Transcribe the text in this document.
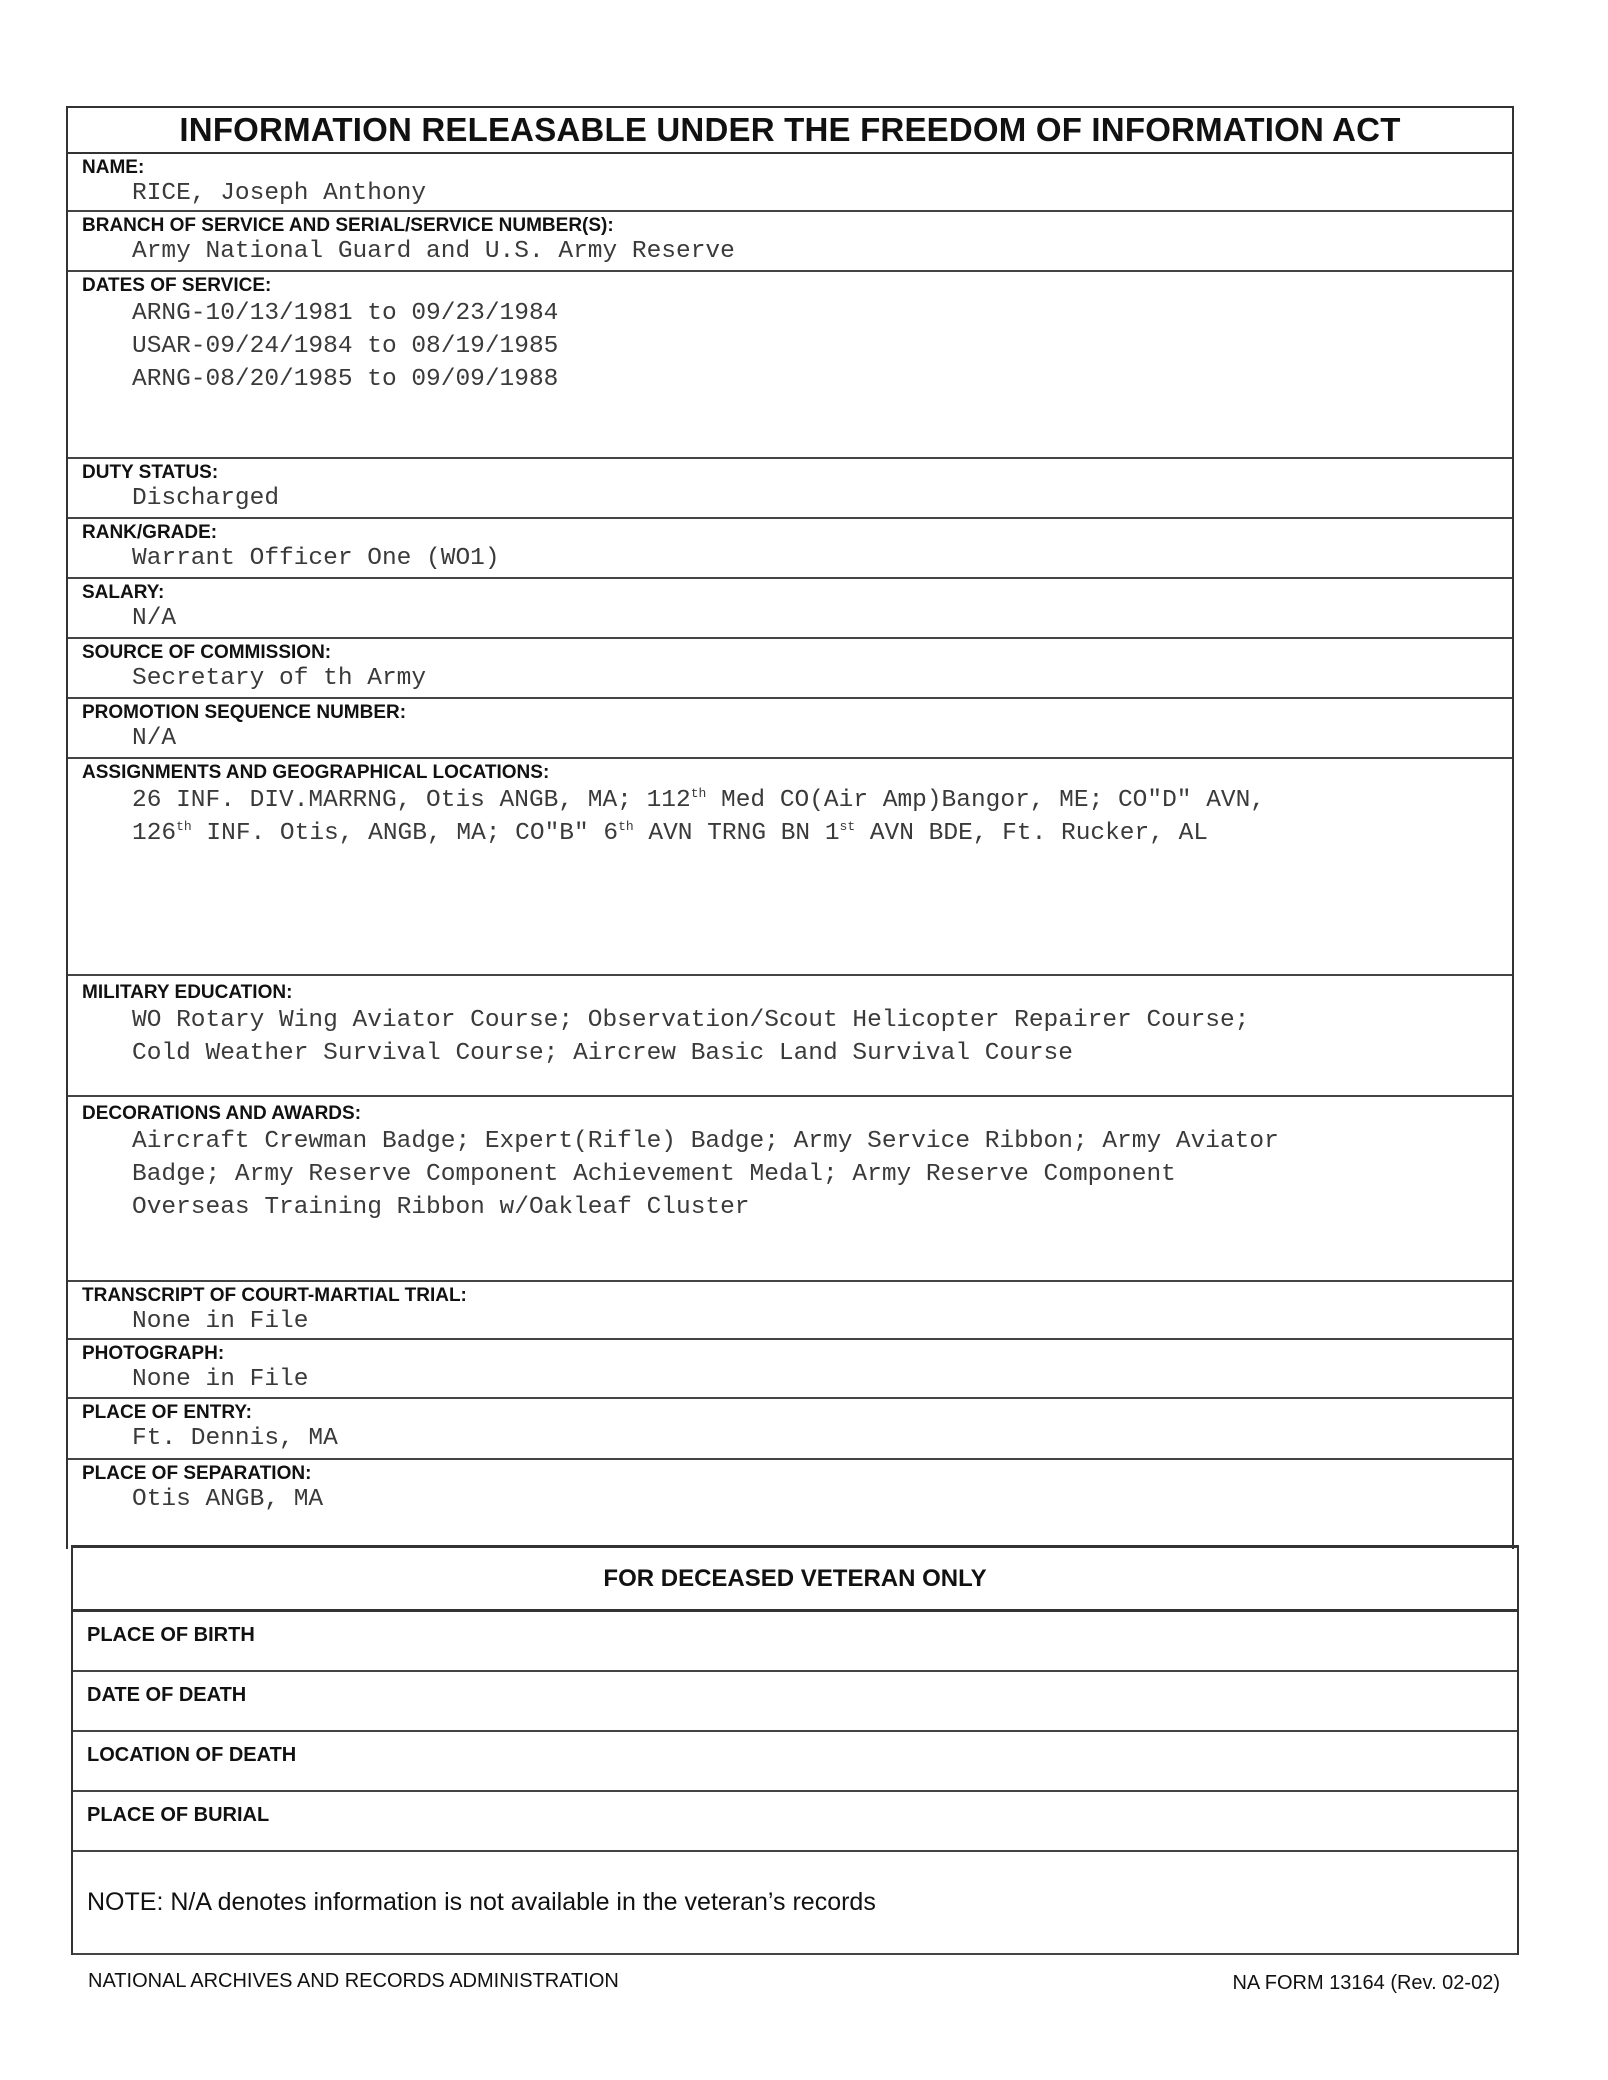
INFORMATION RELEASABLE UNDER THE FREEDOM OF INFORMATION ACT
NAME:
RICE, Joseph Anthony
BRANCH OF SERVICE AND SERIAL/SERVICE NUMBER(S):
Army National Guard and U.S. Army Reserve
DATES OF SERVICE:
ARNG-10/13/1981 to 09/23/1984
USAR-09/24/1984 to 08/19/1985
ARNG-08/20/1985 to 09/09/1988
DUTY STATUS:
Discharged
RANK/GRADE:
Warrant Officer One (WO1)
SALARY:
N/A
SOURCE OF COMMISSION:
Secretary of th Army
PROMOTION SEQUENCE NUMBER:
N/A
ASSIGNMENTS AND GEOGRAPHICAL LOCATIONS:
26 INF. DIV.MARRNG, Otis ANGB, MA; 112th Med CO(Air Amp)Bangor, ME; CO"D" AVN,
126th INF. Otis, ANGB, MA; CO"B" 6th AVN TRNG BN 1st AVN BDE, Ft. Rucker, AL
MILITARY EDUCATION:
WO Rotary Wing Aviator Course; Observation/Scout Helicopter Repairer Course;
Cold Weather Survival Course; Aircrew Basic Land Survival Course
DECORATIONS AND AWARDS:
Aircraft Crewman Badge; Expert(Rifle) Badge; Army Service Ribbon; Army Aviator
Badge; Army Reserve Component Achievement Medal; Army Reserve Component
Overseas Training Ribbon w/Oakleaf Cluster
TRANSCRIPT OF COURT-MARTIAL TRIAL:
None in File
PHOTOGRAPH:
None in File
PLACE OF ENTRY:
Ft. Dennis, MA
PLACE OF SEPARATION:
Otis ANGB, MA
FOR DECEASED VETERAN ONLY
PLACE OF BIRTH
DATE OF DEATH
LOCATION OF DEATH
PLACE OF BURIAL
NOTE: N/A denotes information is not available in the veteran’s records
NATIONAL ARCHIVES AND RECORDS ADMINISTRATION	NA FORM 13164 (Rev. 02-02)
